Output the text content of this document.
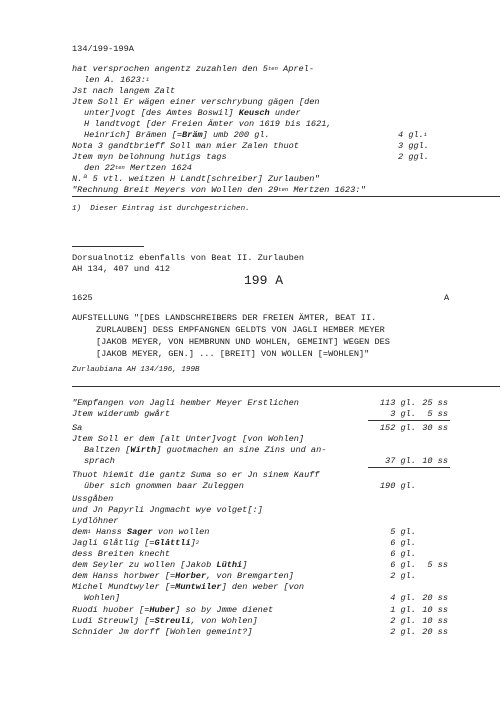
134/199-199A
hat versprochen angentz zuzahlen den $5^{ten}$ Aprel-
len A. 1623:$^1$
Jst nach langem Zalt
Jtem Soll Er wägen einer verschrybung gägen [den
unter]vogt [des Amtes Boswil] Keusch under
H landtvogt [der Freien Ämter von 1619 bis 1621,
Heinrich] Brämen [=Bräm] umb 200 gl.	4 gl.$^1$
Nota 3 gandtbrieff Soll man mier Zalen thuot	3 ggl.
Jtem myn belohnung hutigs tags	2 ggl.
den $22^{ten}$ Mertzen 1624
N.ª 5 vtl. weitzen H Landt[schreiber] Zurlauben"
"Rechnung Breit Meyers von Wollen den $29^{ten}$ Mertzen 1623:"
1)  Dieser Eintrag ist durchgestrichen.
Dorsualnotiz ebenfalls von Beat II. Zurlauben
AH 134, 407 und 412
199 A
1625	A
AUFSTELLUNG "[DES LANDSCHREIBERS DER FREIEN ÄMTER, BEAT II.
ZURLAUBEN] DESS EMPFANGNEN GELDTS VON JAGLI HEMBER MEYER
[JAKOB MEYER, VON HEMBRUNN UND WOHLEN, GEMEINT] WEGEN DES
[JAKOB MEYER, GEN.] ... [BREIT] VON WOLLEN [=WOHLEN]"
Zurlaubiana AH 134/196, 199B
"Empfangen von Jagli hember Meyer Erstlichen	113 gl. 25 ss
Jtem widerumb gwårt	3 gl.	5 ss
Sa	152 gl. 30 ss
Jtem Soll er dem [alt Unter]vogt [von Wohlen]
Baltzen [Wirth] guotmachen an sine Zins und an-
sprach	37 gl. 10 ss
Thuot hiemit die gantz Suma so er Jn sinem Kauff
über sich gnommen baar Zuleggen	190 gl.
Ussgåben
und Jn Papyrli Jngmacht wye volget[:]
Lydlöhner
dem$^1$ Hanss Sager von wollen	5 gl.
Jagli Glåtlig [=Glåttli]$^2$	6 gl.
dess Breiten knecht	6 gl.
dem Seyler zu wollen [Jakob Lüthi]	6 gl.	5 ss
dem Hanss horbwer [=Horber, von Bremgarten]	2 gl.
Michel Mundtwyler [=Muntwiler] den weber [von
Wohlen]	4 gl. 20 ss
Ruodi huober [=Huber] so by Jmme dienet	1 gl. 10 ss
Ludi Streuwlj [=Streuli, von Wohlen]	2 gl. 10 ss
Schnider Jm dorff [Wohlen gemeint?]	2 gl. 20 ss
